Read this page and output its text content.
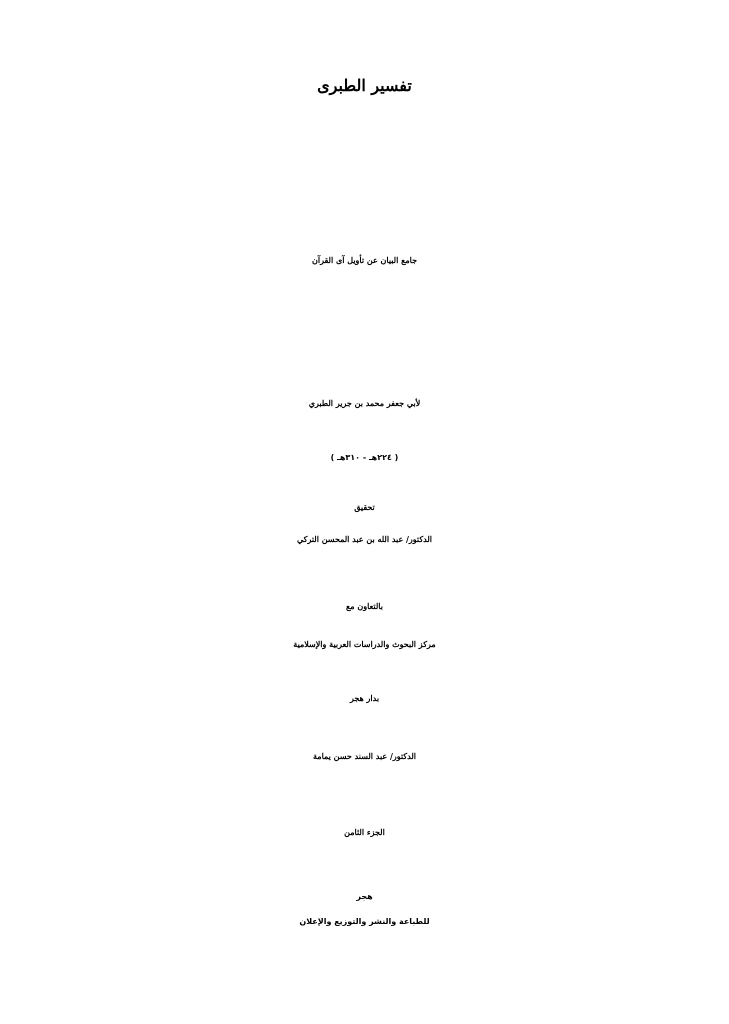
تفسير الطبرى
جامع البيان عن تأويل آى القرآن
لأبي جعفر محمد بن جرير الطبري
( ٢٢٤هـ - ٣١٠هـ )
تحقيق
الدكتور/ عبد الله بن عبد المحسن التركي
بالتعاون مع
مركز البحوث والدراسات العربية والإسلامية
بدار هجر
الدكتور/ عبد السند حسن يمامة
الجزء الثامن
هجر
للطباعة والنشر والتوزيع والإعلان
